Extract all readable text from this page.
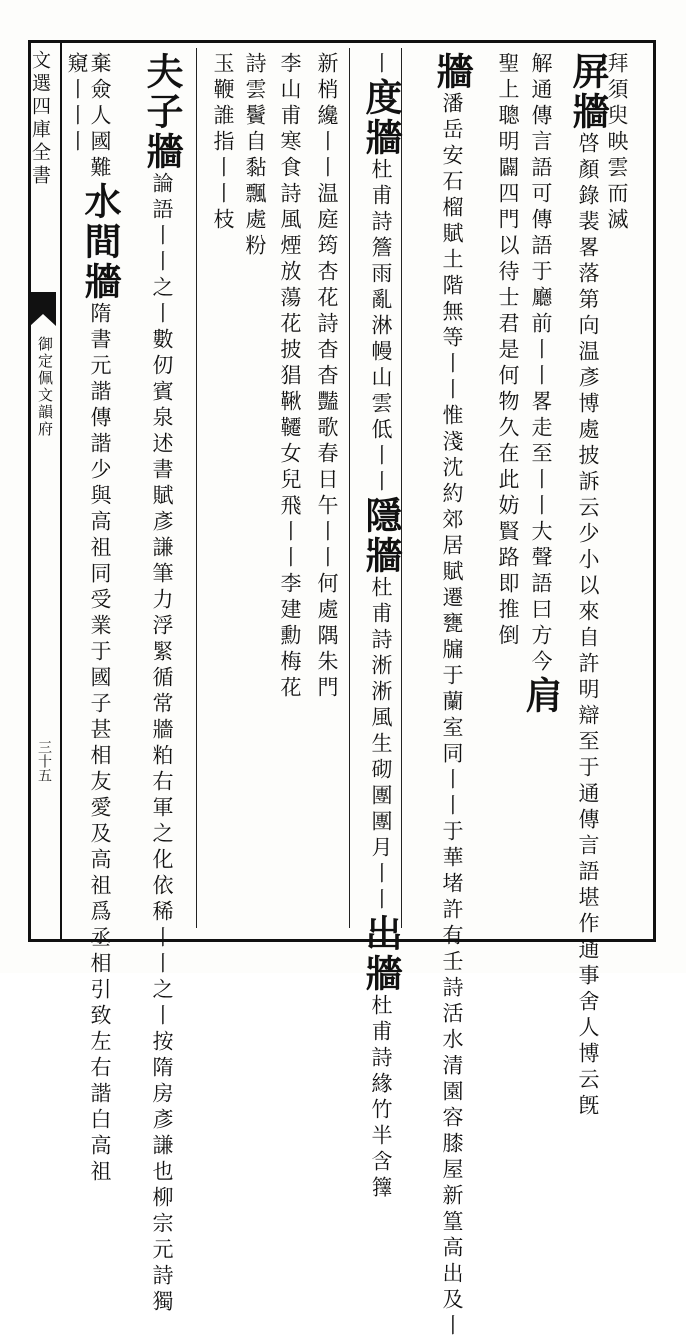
文選四庫全書
御定佩文韻府
三十五
拜須臾映雲而滅
解通傳言語可傳語于廳前丨丨畧走至丨丨大聲語曰方今肩
聖上聰明闢四門以待士君是何物久在此妨賢路即推倒 屏牆啓顏錄裴畧落第向温彥博處披訴云少小以來自許明辯至于通傳言語堪作通事舍人博云旣
牆潘岳安石榴賦土階無等丨丨惟淺沈約郊居賦遷甕牖于蘭室同丨丨于華堵許有壬詩活水清園容膝屋新篁高出及丨
丨度牆杜甫詩簷雨亂淋幔山雲低丨丨隱牆杜甫詩淅淅風生砌團團月丨丨出牆杜甫詩緣竹半含籜
新梢纔丨丨温庭筠杏花詩杳杳豔歌春日午丨丨何處隅朱門
李山甫寒食詩風煙放蕩花披猖鞦韆女兒飛丨丨李建勳梅花
詩雲鬢自黏飄處粉
玉鞭誰指丨丨枝
夫子牆論語丨丨之丨數仞賓泉述書賦彥謙筆力浮緊循常牆粕右軍之化依稀丨丨之丨按隋房彥謙也柳宗元詩獨
棄僉人國難水間牆隋書元諧傳諧少與高祖同受業于國子甚相友愛及高祖爲丞相引致左右諧白高祖
窺丨丨丨
